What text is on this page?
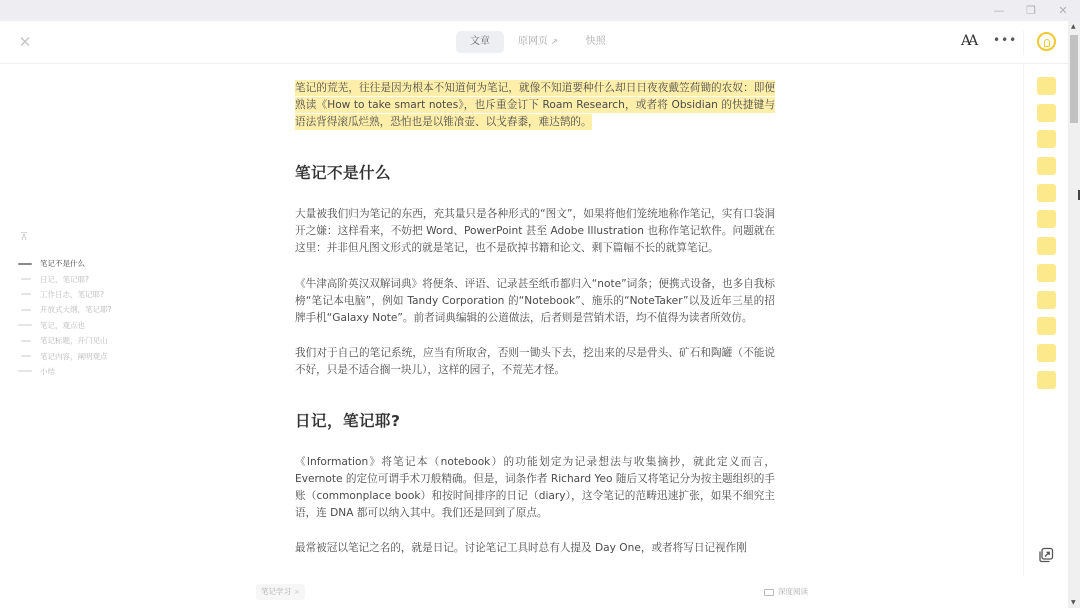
—	❐	✕
✕	文章	原网页 ↗	快照	AA •••
⊼
笔记不是什么
日记，笔记耶?
工作日志，笔记耶?
开放式大纲，笔记耶?
笔记，观点也
笔记标题，开门见山
笔记内容，阐明观点
小结

笔记的荒芜，往往是因为根本不知道何为笔记，就像不知道要种什么却日日夜夜戴笠荷锄的农奴：即便熟读《How to take smart notes》，也斥重金订下 Roam Research，或者将 Obsidian 的快捷键与语法背得滚瓜烂熟，恐怕也是以锥飡壶、以戈舂黍，难达鹄的。

笔记不是什么

大量被我们归为笔记的东西，充其量只是各种形式的“图文”，如果将他们笼统地称作笔记，实有口袋洞开之嫌：这样看来，不妨把 Word、PowerPoint 甚至 Adobe Illustration 也称作笔记软件。问题就在这里：并非但凡图文形式的就是笔记，也不是砍掉书籍和论文、剩下篇幅不长的就算笔记。

《牛津高阶英汉双解词典》将便条、评语、记录甚至纸币都归入“note”词条；便携式设备，也多自我标榜“笔记本电脑”，例如 Tandy Corporation 的“Notebook”、施乐的“NoteTaker”以及近年三星的招牌手机“Galaxy Note”。前者词典编辑的公道做法，后者则是营销术语，均不值得为读者所效仿。

我们对于自己的笔记系统，应当有所取舍，否则一锄头下去，挖出来的尽是骨头、矿石和陶罐（不能说不好，只是不适合搁一块儿），这样的园子，不荒芜才怪。

日记，笔记耶?

《Information》将笔记本（notebook）的功能划定为记录想法与收集摘抄，就此定义而言，Evernote 的定位可谓手术刀般精确。但是，词条作者 Richard Yeo 随后又将笔记分为按主题组织的手账（commonplace book）和按时间排序的日记（diary），这令笔记的范畴迅速扩张，如果不细究主语，连 DNA 都可以纳入其中。我们还是回到了原点。

最常被冠以笔记之名的，就是日记。讨论笔记工具时总有人提及 Day One，或者将写日记视作刚

▲
▼
笔记学习 ×	深度阅读
